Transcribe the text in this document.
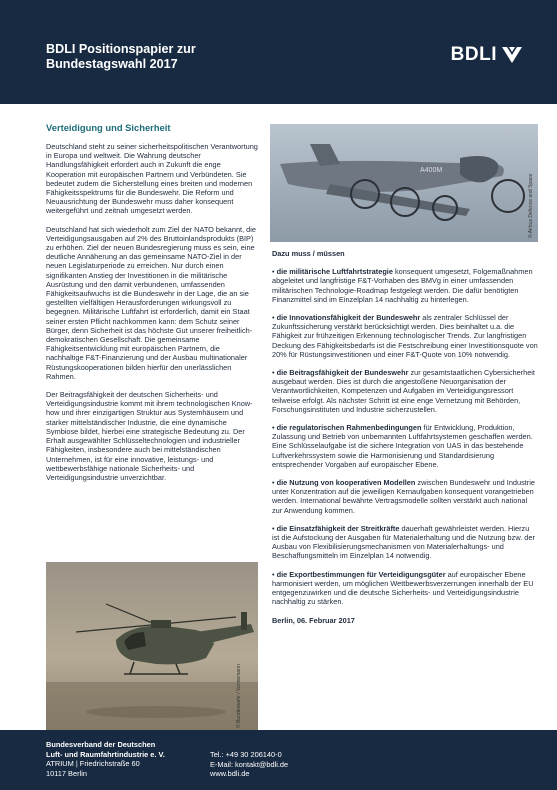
BDLI Positionspapier zur
Bundestagswahl 2017	BDLI
Verteidigung und Sicherheit

Deutschland steht zu seiner sicherheitspolitischen Verantwortung in Europa und weltweit. Die Wahrung deutscher Handlungsfähigkeit erfordert auch in Zukunft die enge Kooperation mit europäischen Partnern und Verbündeten. Sie bedeutet zudem die Sicherstellung eines breiten und modernen Fähigkeitsspektrums für die Bundeswehr. Die Reform und Neuausrichtung der Bundeswehr muss daher konsequent weitergeführt und zeitnah umgesetzt werden.

Deutschland hat sich wiederholt zum Ziel der NATO bekannt, die Verteidigungsausgaben auf 2% des Bruttoinlandsprodukts (BIP) zu erhöhen. Ziel der neuen Bundesregierung muss es sein, eine deutliche Annäherung an das gemeinsame NATO-Ziel in der neuen Legislaturperiode zu erreichen. Nur durch einen signifikanten Anstieg der Investitionen in die militärische Ausrüstung und den damit verbundenen, umfassenden Fähigkeitsaufwuchs ist die Bundeswehr in der Lage, die an sie gestellten vielfältigen Herausforderungen wirkungsvoll zu begegnen. Militärische Luftfahrt ist erforderlich, damit ein Staat seiner ersten Pflicht nachkommen kann: dem Schutz seiner Bürger, denn Sicherheit ist das höchste Gut unserer freiheitlich-demokratischen Gesellschaft. Die gemeinsame Fähigkeitsentwicklung mit europäischen Partnern, die nachhaltige F&T-Finanzierung und der Ausbau multinationaler Rüstungskooperationen bilden hierfür den unerlässlichen Rahmen.

Der Beitragsfähigkeit der deutschen Sicherheits- und Verteidigungsindustrie kommt mit ihrem technologischen Know-how und ihrer einzigartigen Struktur aus Systemhäusern und starker mittelständischer Industrie, die eine dynamische Symbiose bildet, hierbei eine strategische Bedeutung zu. Der Erhalt ausgewählter Schlüsseltechnologien und industrieller Fähigkeiten, insbesondere auch bei mittelständischen Unternehmen, ist für eine innovative, leistungs- und wettbewerbsfähige nationale Sicherheits- und Verteidigungsindustrie unverzichtbar.

© Bundeswehr / Vennemann
A400M
© Airbus Defence and Space
Dazu muss / müssen
• die militärische Luftfahrtstrategie konsequent umgesetzt, Folgemaßnahmen abgeleitet und langfristige F&T-Vorhaben des BMVg in einer umfassenden militärischen Technologie-Roadmap festgelegt werden. Die dafür benötigten Finanzmittel sind im Einzelplan 14 nachhaltig zu hinterlegen.
• die Innovationsfähigkeit der Bundeswehr als zentraler Schlüssel der Zukunftssicherung verstärkt berücksichtigt werden. Dies beinhaltet u.a. die Fähigkeit zur frühzeitigen Erkennung technologischer Trends. Zur langfristigen Deckung des Fähigkeitsbedarfs ist die Festschreibung einer Investitionsquote von 20% für Rüstungsinvestitionen und einer F&T-Quote von 10% notwendig.
• die Beitragsfähigkeit der Bundeswehr zur gesamtstaatlichen Cybersicherheit ausgebaut werden. Dies ist durch die angestoßene Neuorganisation der Verantwortlichkeiten, Kompetenzen und Aufgaben im Verteidigungsressort teilweise erfolgt. Als nächster Schritt ist eine enge Vernetzung mit Behörden, Forschungsinstituten und Industrie sicherzustellen.
• die regulatorischen Rahmenbedingungen für Entwicklung, Produktion, Zulassung und Betrieb von unbemannten Luftfahrtsystemen geschaffen werden. Eine Schlüsselaufgabe ist die sichere Integration von UAS in das bestehende Luftverkehrssystem sowie die Harmonisierung und Standardisierung entsprechender Vorgaben auf europäischer Ebene.
• die Nutzung von kooperativen Modellen zwischen Bundeswehr und Industrie unter Konzentration auf die jeweiligen Kernaufgaben konsequent vorangetrieben werden. International bewährte Vertragsmodelle sollten verstärkt auch national zur Anwendung kommen.
• die Einsatzfähigkeit der Streitkräfte dauerhaft gewährleistet werden. Hierzu ist die Aufstockung der Ausgaben für Materialerhaltung und die Nutzung bzw. der Ausbau von Flexibilisierungsmechanismen von Materialerhaltungs- und Beschaffungsmitteln im Einzelplan 14 notwendig.
• die Exportbestimmungen für Verteidigungsgüter auf europäischer Ebene harmonisiert werden, um möglichen Wettbewerbsverzerrungen innerhalb der EU entgegenzuwirken und die deutsche Sicherheits- und Verteidigungsindustrie nachhaltig zu stärken.
Berlin, 06. Februar 2017
Bundesverband der Deutschen
Luft- und Raumfahrtindustrie e. V.
ATRIUM | Friedrichstraße 60
10117 Berlin
Tel.: +49 30 206140-0
E-Mail: kontakt@bdli.de
www.bdli.de
